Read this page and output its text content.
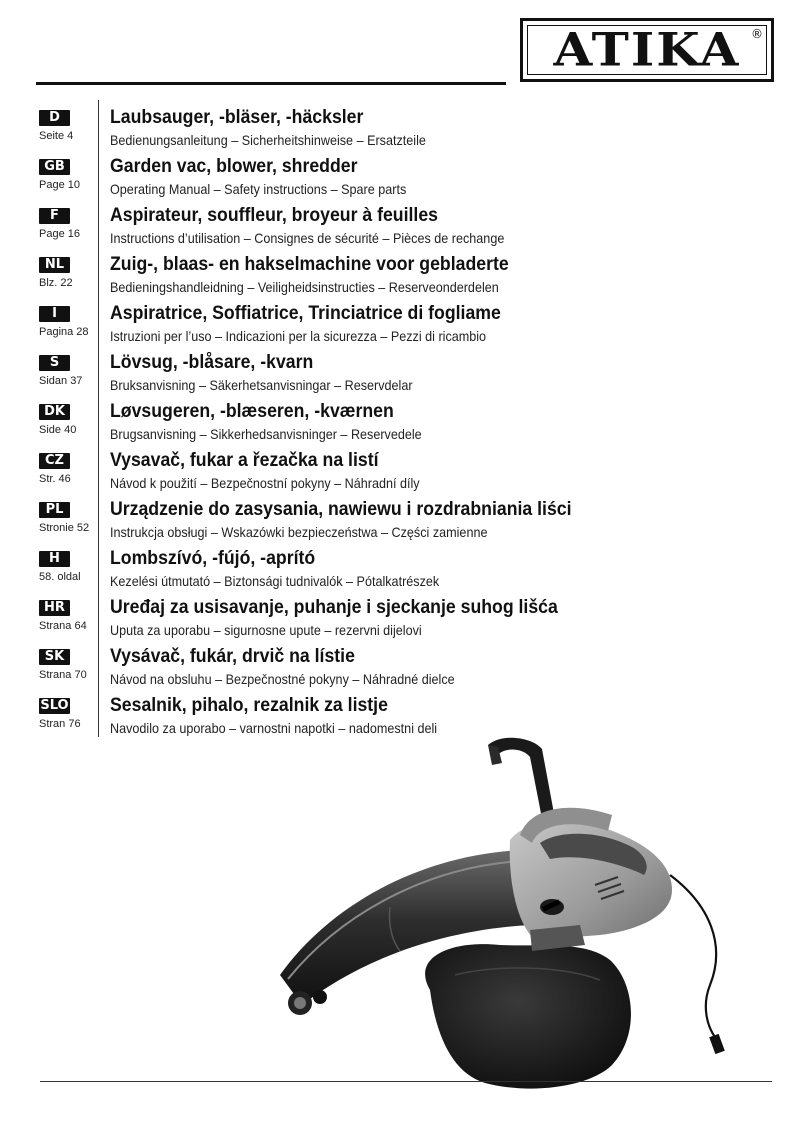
ATIKA ®
D
Seite 4
Laubsauger, -bläser, -häcksler
Bedienungsanleitung – Sicherheitshinweise – Ersatzteile
GB
Page 10
Garden vac, blower, shredder
Operating Manual – Safety instructions – Spare parts
F
Page 16
Aspirateur, souffleur, broyeur à feuilles
Instructions d’utilisation – Consignes de sécurité – Pièces de rechange
NL
Blz. 22
Zuig-, blaas- en hakselmachine voor gebladerte
Bedieningshandleidning – Veiligheidsinstructies – Reserveonderdelen
I
Pagina 28
Aspiratrice, Soffiatrice, Trinciatrice di fogliame
Istruzioni per l’uso – Indicazioni per la sicurezza – Pezzi di ricambio
S
Sidan 37
Lövsug, -blåsare, -kvarn
Bruksanvisning – Säkerhetsanvisningar – Reservdelar
DK
Side 40
Løvsugeren, -blæseren, -kværnen
Brugsanvisning – Sikkerhedsanvisninger – Reservedele
CZ
Str. 46
Vysavač, fukar a řezačka na listí
Návod k použití – Bezpečnostní pokyny – Náhradní díly
PL
Stronie 52
Urządzenie do zasysania, nawiewu i rozdrabniania liści
Instrukcja obsługi – Wskazówki bezpieczeństwa – Części zamienne
H
58. oldal
Lombszívó, -fújó, -aprító
Kezelési útmutató – Biztonsági tudnivalók – Pótalkatrészek
HR
Strana 64
Uređaj za usisavanje, puhanje i sjeckanje suhog lišća
Uputa za uporabu – sigurnosne upute – rezervni dijelovi
SK
Strana 70
Vysávač, fukár, drvič na lístie
Návod na obsluhu – Bezpečnostné pokyny – Náhradné dielce
SLO
Stran 76
Sesalnik, pihalo, rezalnik za listje
Navodilo za uporabo – varnostni napotki – nadomestni deli
